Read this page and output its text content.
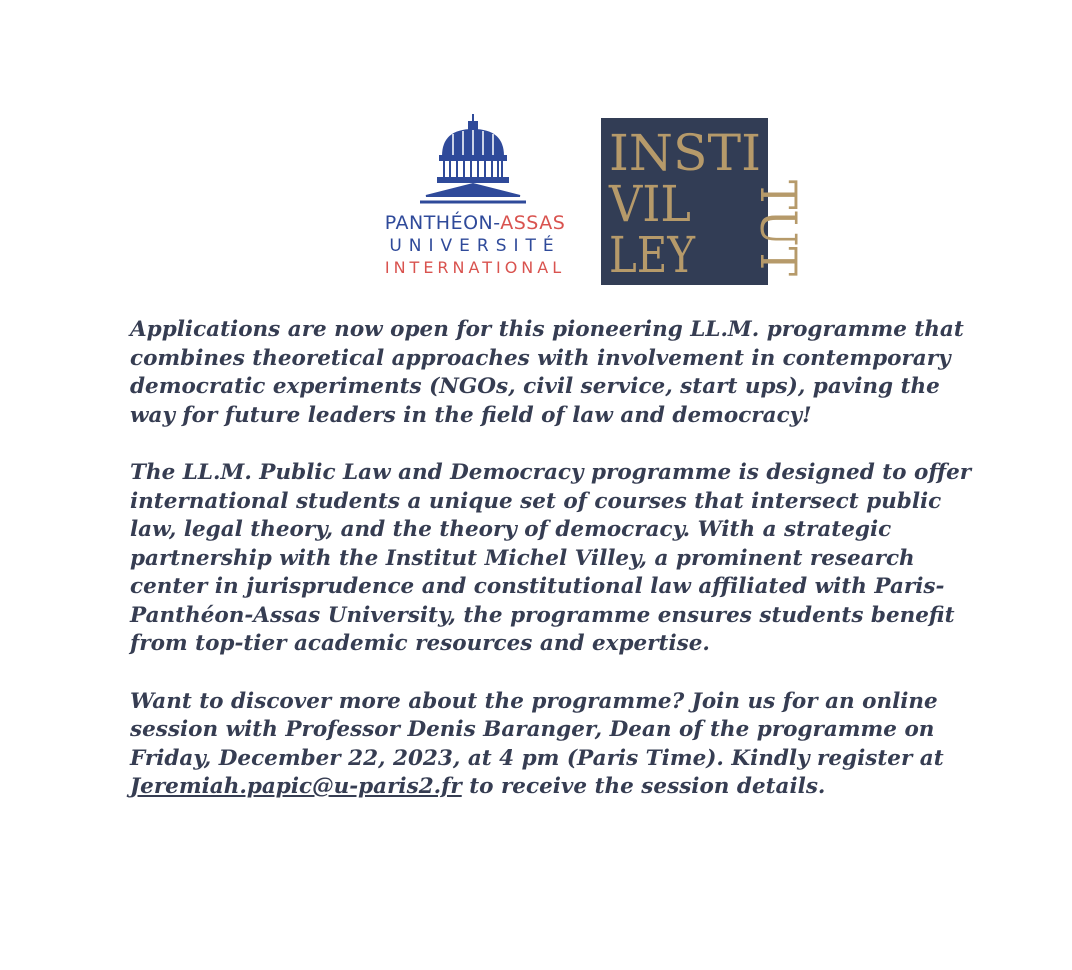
PANTHÉON-ASSAS
UNIVERSITÉ
INTERNATIONAL
INSTI
VIL
LEY TUT

Applications are now open for this pioneering LL.M. programme that combines theoretical approaches with involvement in contemporary democratic experiments (NGOs, civil service, start ups), paving the way for future leaders in the field of law and democracy!

The LL.M. Public Law and Democracy programme is designed to offer international students a unique set of courses that intersect public law, legal theory, and the theory of democracy. With a strategic partnership with the Institut Michel Villey, a prominent research center in jurisprudence and constitutional law affiliated with Paris-Panthéon-Assas University, the programme ensures students benefit from top-tier academic resources and expertise.

Want to discover more about the programme? Join us for an online session with Professor Denis Baranger, Dean of the programme on Friday, December 22, 2023, at 4 pm (Paris Time). Kindly register at
Jeremiah.papic@u-paris2.fr to receive the session details.
